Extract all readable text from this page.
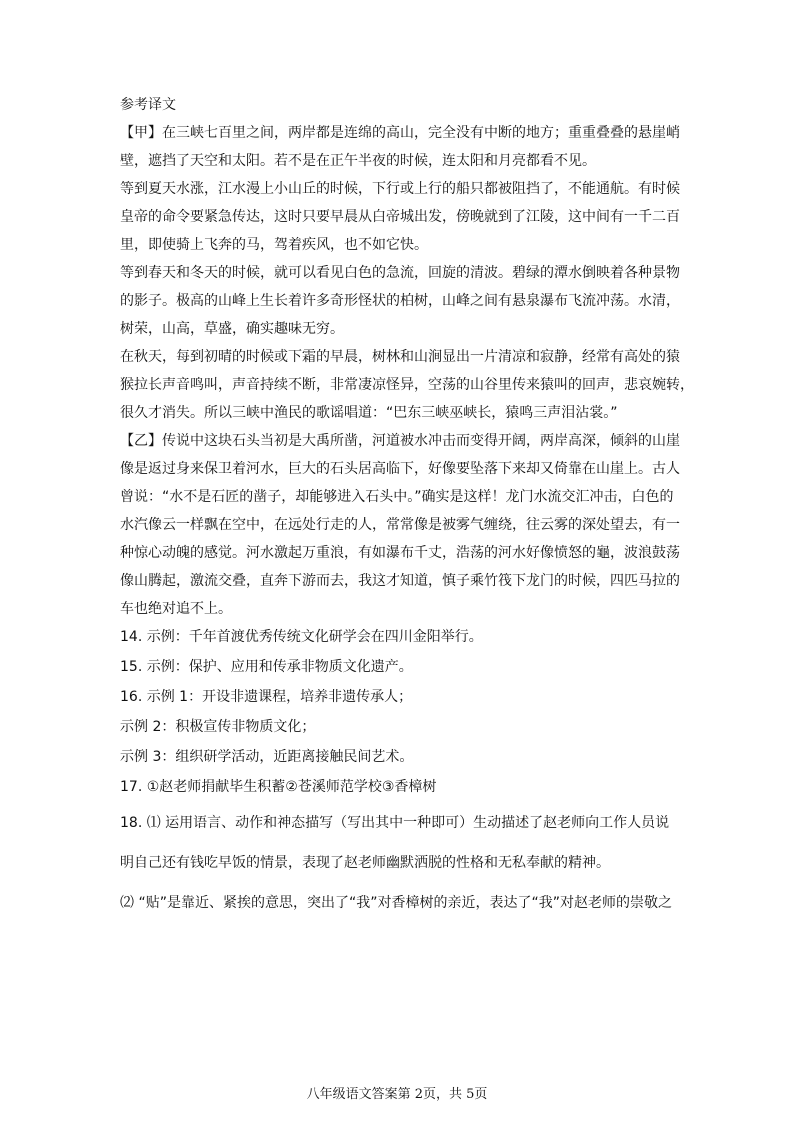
参考译文

【甲】在三峡七百里之间，两岸都是连绵的高山，完全没有中断的地方；重重叠叠的悬崖峭

壁，遮挡了天空和太阳。若不是在正午半夜的时候，连太阳和月亮都看不见。

等到夏天水涨，江水漫上小山丘的时候，下行或上行的船只都被阻挡了，不能通航。有时候

皇帝的命令要紧急传达，这时只要早晨从白帝城出发，傍晚就到了江陵，这中间有一千二百

里，即使骑上飞奔的马，驾着疾风，也不如它快。

等到春天和冬天的时候，就可以看见白色的急流，回旋的清波。碧绿的潭水倒映着各种景物

的影子。极高的山峰上生长着许多奇形怪状的柏树，山峰之间有悬泉瀑布飞流冲荡。水清，

树荣，山高，草盛，确实趣味无穷。

在秋天，每到初晴的时候或下霜的早晨，树林和山涧显出一片清凉和寂静，经常有高处的猿

猴拉长声音鸣叫，声音持续不断，非常凄凉怪异，空荡的山谷里传来猿叫的回声，悲哀婉转，

很久才消失。所以三峡中渔民的歌谣唱道：“巴东三峡巫峡长，猿鸣三声泪沾裳。”

【乙】传说中这块石头当初是大禹所凿，河道被水冲击而变得开阔，两岸高深，倾斜的山崖

像是返过身来保卫着河水，巨大的石头居高临下，好像要坠落下来却又倚靠在山崖上。古人

曾说：“水不是石匠的凿子，却能够进入石头中。”确实是这样！龙门水流交汇冲击，白色的

水汽像云一样飘在空中，在远处行走的人，常常像是被雾气缠绕，往云雾的深处望去，有一

种惊心动魄的感觉。河水激起万重浪，有如瀑布千丈，浩荡的河水好像愤怒的龜，波浪鼓荡

像山腾起，激流交叠，直奔下游而去，我这才知道，慎子乘竹筏下龙门的时候，四匹马拉的

车也绝对追不上。

14. 示例：千年首渡优秀传统文化研学会在四川金阳举行。

15. 示例：保护、应用和传承非物质文化遗产。

16. 示例 1：开设非遗课程，培养非遗传承人；

示例 2：积极宣传非物质文化；

示例 3：组织研学活动，近距离接触民间艺术。

17. ①赵老师捐献毕生积蓄②苍溪师范学校③香樟树

18. ⑴ 运用语言、动作和神态描写（写出其中一种即可）生动描述了赵老师向工作人员说

明自己还有钱吃早饭的情景，表现了赵老师幽默洒脱的性格和无私奉献的精神。

⑵ “贴”是靠近、紧挨的意思，突出了“我”对香樟树的亲近，表达了“我”对赵老师的崇敬之

八年级语文答案第 2页，共 5页
